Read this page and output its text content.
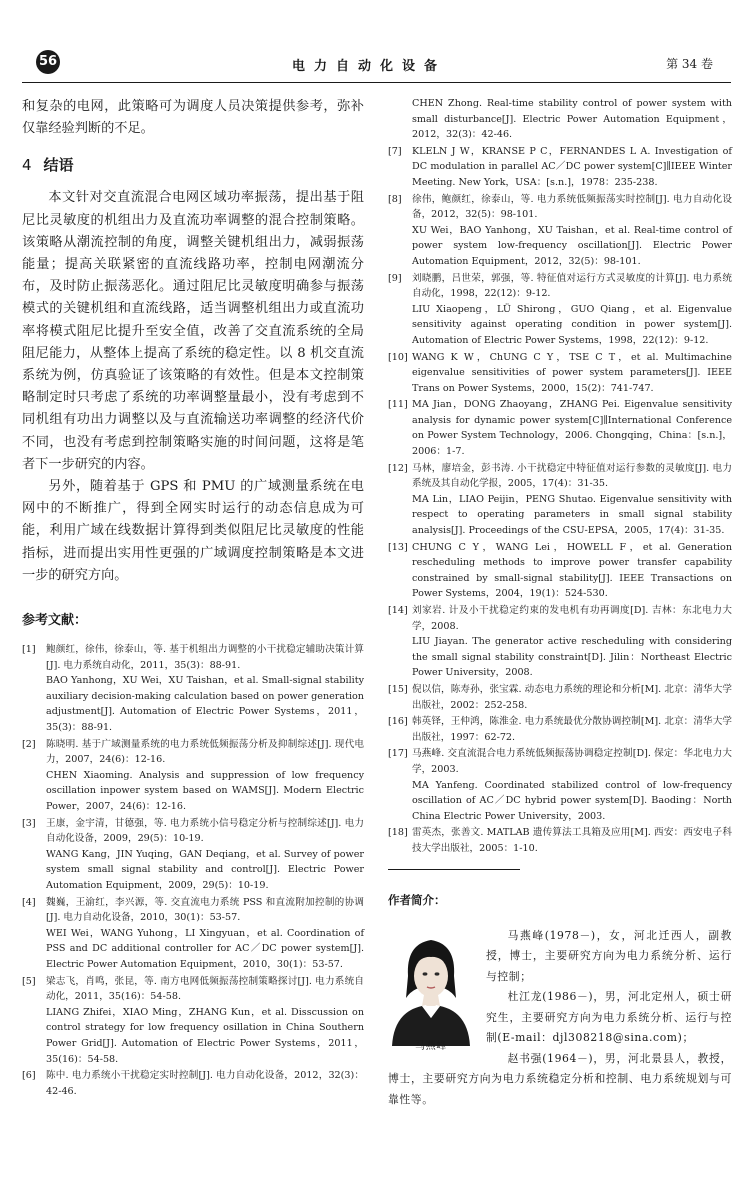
56	电力自动化设备	第 34 卷

和复杂的电网，此策略可为调度人员决策提供参考，弥补仅靠经验判断的不足。

4 结语

本文针对交直流混合电网区域功率振荡，提出基于阻尼比灵敏度的机组出力及直流功率调整的混合控制策略。该策略从潮流控制的角度，调整关键机组出力，减弱振荡能量；提高关联紧密的直流线路功率，控制电网潮流分布，及时防止振荡恶化。通过阻尼比灵敏度明确参与振荡模式的关键机组和直流线路，适当调整机组出力或直流功率将模式阻尼比提升至安全值，改善了交直流系统的全局阻尼能力，从整体上提高了系统的稳定性。以 8 机交直流系统为例，仿真验证了该策略的有效性。但是本文控制策略制定时只考虑了系统的功率调整量最小，没有考虑到不同机组有功出力调整以及与直流输送功率调整的经济代价不同，也没有考虑到控制策略实施的时间问题，这将是笔者下一步研究的内容。

另外，随着基于 GPS 和 PMU 的广域测量系统在电网中的不断推广，得到全网实时运行的动态信息成为可能，利用广域在线数据计算得到类似阻尼比灵敏度的性能指标，进而提出实用性更强的广域调度控制策略是本文进一步的研究方向。

参考文献：
[1] 鲍颜红，徐伟，徐泰山，等. 基于机组出力调整的小干扰稳定辅助决策计算[J]. 电力系统自动化，2011，35(3)：88-91.
BAO Yanhong，XU Wei，XU Taishan，et al. Small-signal stability auxiliary decision-making calculation based on power generation adjustment[J]. Automation of Electric Power Systems，2011，35(3)：88-91.
[2] 陈晓明. 基于广域测量系统的电力系统低频振荡分析及抑制综述[J]. 现代电力，2007，24(6)：12-16.
CHEN Xiaoming. Analysis and suppression of low frequency oscillation inpower system based on WAMS[J]. Modern Electric Power，2007，24(6)：12-16.
[3] 王康，金宇清，甘德强，等. 电力系统小信号稳定分析与控制综述[J]. 电力自动化设备，2009，29(5)：10-19.
WANG Kang，JIN Yuqing，GAN Deqiang，et al. Survey of power system small signal stability and control[J]. Electric Power Automation Equipment，2009，29(5)：10-19.
[4] 魏巍，王渝红，李兴源，等. 交直流电力系统 PSS 和直流附加控制的协调[J]. 电力自动化设备，2010，30(1)：53-57.
WEI Wei，WANG Yuhong，LI Xingyuan，et al. Coordination of PSS and DC additional controller for AC／DC power system[J]. Electric Power Automation Equipment，2010，30(1)：53-57.
[5] 梁志飞，肖鸣，张昆，等. 南方电网低频振荡控制策略探讨[J]. 电力系统自动化，2011，35(16)：54-58.
LIANG Zhifei，XIAO Ming，ZHANG Kun，et al. Disscussion on control strategy for low frequency osillation in China Southern Power Grid[J]. Automation of Electric Power Systems，2011，35(16)：54-58.
[6] 陈中. 电力系统小干扰稳定实时控制[J]. 电力自动化设备，2012，32(3)：42-46.
CHEN Zhong. Real-time stability control of power system with small disturbance[J]. Electric Power Automation Equipment，2012，32(3)：42-46.
[7] KLELN J W，KRANSE P C，FERNANDES L A. Investigation of DC modulation in parallel AC／DC power system[C]∥IEEE Winter Meeting. New York，USA：[s.n.]，1978：235-238.
[8] 徐伟，鲍颜红，徐泰山，等. 电力系统低频振荡实时控制[J]. 电力自动化设备，2012，32(5)：98-101.
XU Wei，BAO Yanhong，XU Taishan，et al. Real-time control of power system low-frequency oscillation[J]. Electric Power Automation Equipment，2012，32(5)：98-101.
[9] 刘晓鹏，吕世荣，郭强，等. 特征值对运行方式灵敏度的计算[J]. 电力系统自动化，1998，22(12)：9-12.
LIU Xiaopeng，LÜ Shirong，GUO Qiang，et al. Eigenvalue sensitivity against operating condition in power system[J]. Automation of Electric Power Systems，1998，22(12)：9-12.
[10] WANG K W，ChUNG C Y，TSE C T，et al. Multimachine eigenvalue sensitivities of power system parameters[J]. IEEE Trans on Power Systems，2000，15(2)：741-747.
[11] MA Jian，DONG Zhaoyang，ZHANG Pei. Eigenvalue sensitivity analysis for dynamic power system[C]∥International Conference on Power System Technology，2006. Chongqing，China：[s.n.]，2006：1-7.
[12] 马林，廖培金，彭书涛. 小干扰稳定中特征值对运行参数的灵敏度[J]. 电力系统及其自动化学报，2005，17(4)：31-35.
MA Lin，LIAO Peijin，PENG Shutao. Eigenvalue sensitivity with respect to operating parameters in small signal stability analysis[J]. Proceedings of the CSU-EPSA，2005，17(4)：31-35.
[13] CHUNG C Y，WANG Lei，HOWELL F，et al. Generation rescheduling methods to improve power transfer capability constrained by small-signal stability[J]. IEEE Transactions on Power Systems，2004，19(1)：524-530.
[14] 刘家岩. 计及小干扰稳定约束的发电机有功再调度[D]. 吉林：东北电力大学，2008.
LIU Jiayan. The generator active rescheduling with considering the small signal stability constraint[D]. Jilin：Northeast Electric Power University，2008.
[15] 倪以信，陈寿孙，张宝霖. 动态电力系统的理论和分析[M]. 北京：清华大学出版社，2002：252-258.
[16] 韩英铎，王仲鸿，陈淮金. 电力系统最优分散协调控制[M]. 北京：清华大学出版社，1997：62-72.
[17] 马燕峰. 交直流混合电力系统低频振荡协调稳定控制[D]. 保定：华北电力大学，2003.
MA Yanfeng. Coordinated stabilized control of low-frequency oscillation of AC／DC hybrid power system[D]. Baoding：North China Electric Power University，2003.
[18] 雷英杰，张善文. MATLAB 遗传算法工具箱及应用[M]. 西安：西安电子科技大学出版社，2005：1-10.
作者简介：
马燕峰

马燕峰(1978－)，女，河北迁西人，副教授，博士，主要研究方向为电力系统分析、运行与控制；

杜江龙(1986－)，男，河北定州人，硕士研究生，主要研究方向为电力系统分析、运行与控制(E-mail：djl308218@sina.com)；

赵书强(1964－)，男，河北景县人，教授，博士，主要研究方向为电力系统稳定分析和控制、电力系统规划与可靠性等。
